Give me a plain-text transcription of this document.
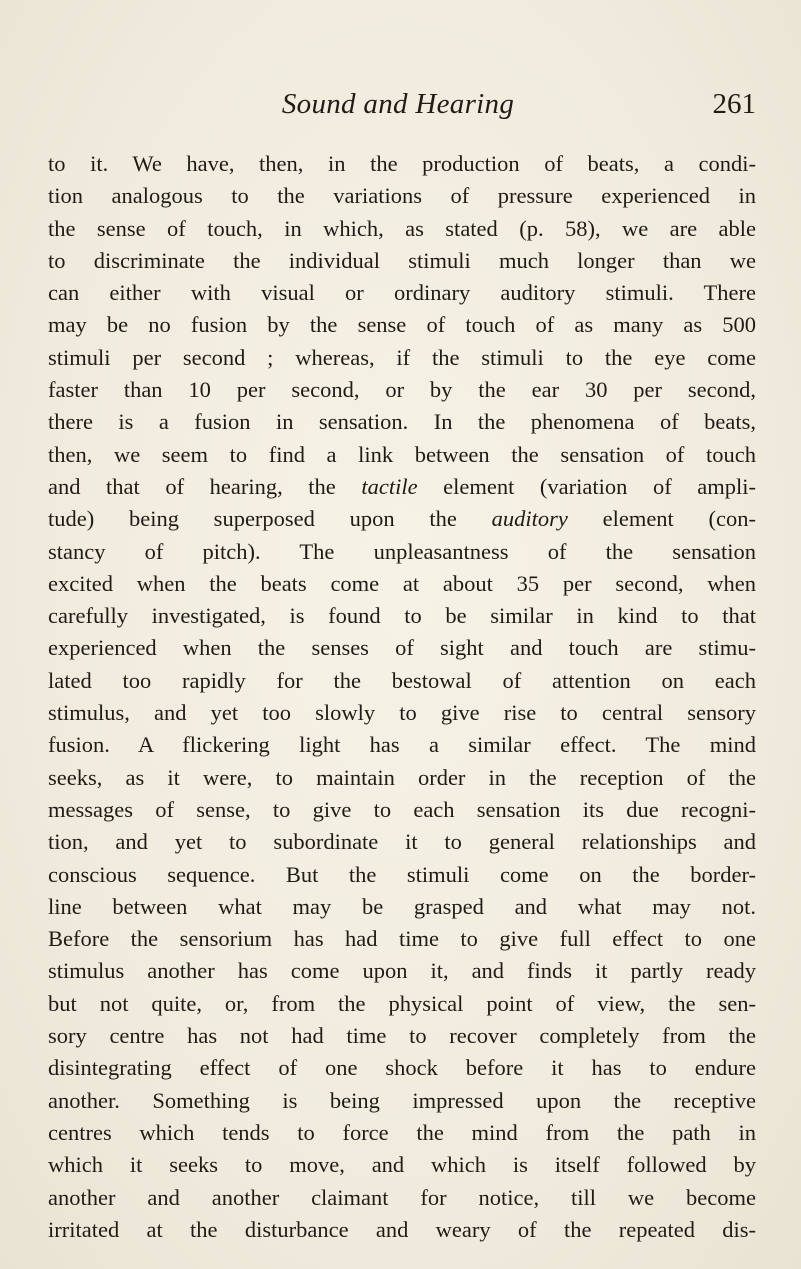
Sound and Hearing	261
to it. We have, then, in the production of beats, a condi-
tion analogous to the variations of pressure experienced in
the sense of touch, in which, as stated (p. 58), we are able
to discriminate the individual stimuli much longer than we
can either with visual or ordinary auditory stimuli. There
may be no fusion by the sense of touch of as many as 500
stimuli per second ; whereas, if the stimuli to the eye come
faster than 10 per second, or by the ear 30 per second,
there is a fusion in sensation. In the phenomena of beats,
then, we seem to find a link between the sensation of touch
and that of hearing, the tactile element (variation of ampli-
tude) being superposed upon the auditory element (con-
stancy of pitch). The unpleasantness of the sensation
excited when the beats come at about 35 per second, when
carefully investigated, is found to be similar in kind to that
experienced when the senses of sight and touch are stimu-
lated too rapidly for the bestowal of attention on each
stimulus, and yet too slowly to give rise to central sensory
fusion. A flickering light has a similar effect. The mind
seeks, as it were, to maintain order in the reception of the
messages of sense, to give to each sensation its due recogni-
tion, and yet to subordinate it to general relationships and
conscious sequence. But the stimuli come on the border-
line between what may be grasped and what may not.
Before the sensorium has had time to give full effect to one
stimulus another has come upon it, and finds it partly ready
but not quite, or, from the physical point of view, the sen-
sory centre has not had time to recover completely from the
disintegrating effect of one shock before it has to endure
another. Something is being impressed upon the receptive
centres which tends to force the mind from the path in
which it seeks to move, and which is itself followed by
another and another claimant for notice, till we become
irritated at the disturbance and weary of the repeated dis-
